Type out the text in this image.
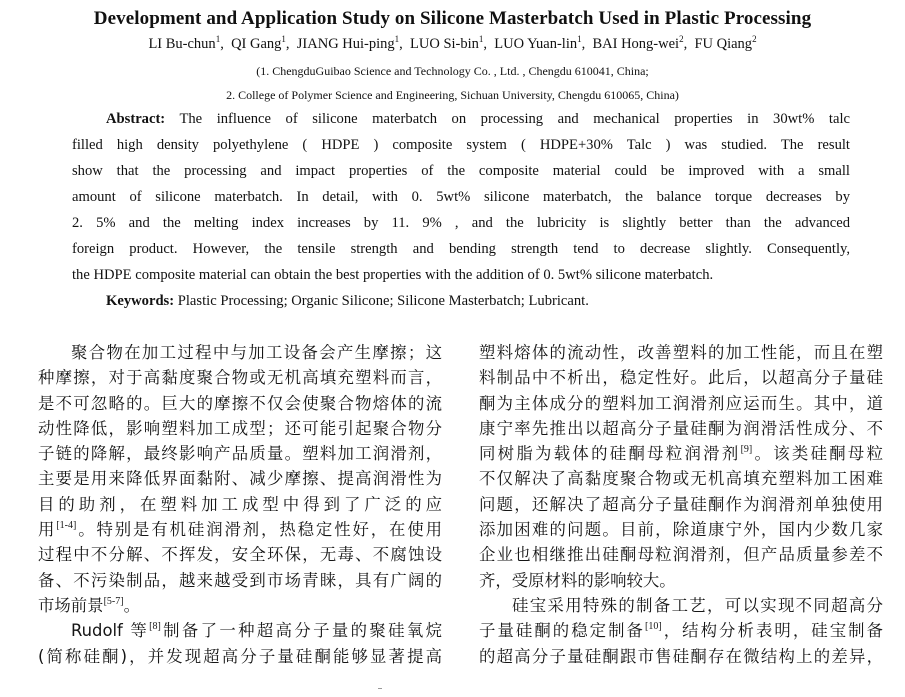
Development and Application Study on Silicone Masterbatch Used in Plastic Processing
LI Bu-chun$^1$,  QI Gang$^1$,  JIANG Hui-ping$^1$,  LUO Si-bin$^1$,  LUO Yuan-lin$^1$,  BAI Hong-wei$^2$,  FU Qiang$^2$
(1. ChengduGuibao Science and Technology Co. , Ltd. , Chengdu 610041, China;
2. College of Polymer Science and Engineering, Sichuan University, Chengdu 610065, China)
Abstract: The influence of silicone materbatch on processing and mechanical properties in 30wt% talc
filled high density polyethylene ( HDPE ) composite system ( HDPE+30% Talc ) was studied. The result
show that the processing and impact properties of the composite material could be improved with a small
amount of silicone materbatch. In detail, with 0. 5wt% silicone materbatch, the balance torque decreases by
2. 5% and the melting index increases by 11. 9% , and the lubricity is slightly better than the advanced
foreign product. However, the tensile strength and bending strength tend to decrease slightly. Consequently,
the HDPE composite material can obtain the best properties with the addition of 0. 5wt% silicone materbatch.
Keywords: Plastic Processing; Organic Silicone; Silicone Masterbatch; Lubricant.
聚合物在加工过程中与加工设备会产生摩擦；这
种摩擦，对于高黏度聚合物或无机高填充塑料而言，
是不可忽略的。巨大的摩擦不仅会使聚合物熔体的流
动性降低，影响塑料加工成型；还可能引起聚合物分
子链的降解，最终影响产品质量。塑料加工润滑剂，
主要是用来降低界面黏附、减少摩擦、提高润滑性为
目的助剂，在塑料加工成型中得到了广泛的应
用[1-4]。特别是有机硅润滑剂，热稳定性好，在使用
过程中不分解、不挥发，安全环保，无毒、不腐蚀设
备、不污染制品，越来越受到市场青睐，具有广阔的
市场前景[5-7]。
Rudolf 等[8]制备了一种超高分子量的聚硅氧烷
(简称硅酮)，并发现超高分子量硅酮能够显著提高
塑料熔体的流动性，改善塑料的加工性能，而且在塑
料制品中不析出，稳定性好。此后，以超高分子量硅
酮为主体成分的塑料加工润滑剂应运而生。其中，道
康宁率先推出以超高分子量硅酮为润滑活性成分、不
同树脂为载体的硅酮母粒润滑剂[9]。该类硅酮母粒
不仅解决了高黏度聚合物或无机高填充塑料加工困难
问题，还解决了超高分子量硅酮作为润滑剂单独使用
添加困难的问题。目前，除道康宁外，国内少数几家
企业也相继推出硅酮母粒润滑剂，但产品质量参差不
齐，受原材料的影响较大。
硅宝采用特殊的制备工艺，可以实现不同超高分
子量硅酮的稳定制备[10]，结构分析表明，硅宝制备
的超高分子量硅酮跟市售硅酮存在微结构上的差异，
